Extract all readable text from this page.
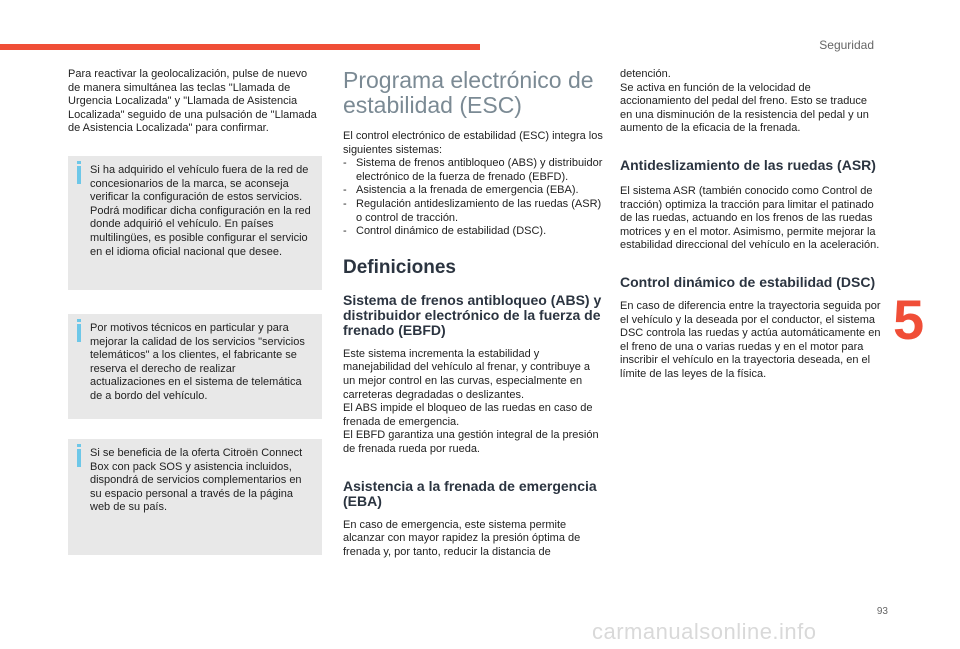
Seguridad

Para reactivar la geolocalización, pulse de nuevo de manera simultánea las teclas "Llamada de Urgencia Localizada" y "Llamada de Asistencia Localizada" seguido de una pulsación de "Llamada de Asistencia Localizada" para confirmar.

Si ha adquirido el vehículo fuera de la red de concesionarios de la marca, se aconseja verificar la configuración de estos servicios. Podrá modificar dicha configuración en la red donde adquirió el vehículo. En países multilingües, es posible configurar el servicio en el idioma oficial nacional que desee.

Por motivos técnicos en particular y para mejorar la calidad de los servicios "servicios telemáticos" a los clientes, el fabricante se reserva el derecho de realizar actualizaciones en el sistema de telemática de a bordo del vehículo.

Si se beneficia de la oferta Citroën Connect Box con pack SOS y asistencia incluidos, dispondrá de servicios complementarios en su espacio personal a través de la página web de su país.

Programa electrónico de estabilidad (ESC)

El control electrónico de estabilidad (ESC) integra los siguientes sistemas:

- Sistema de frenos antibloqueo (ABS) y distribuidor electrónico de la fuerza de frenado (EBFD).
- Asistencia a la frenada de emergencia (EBA).
- Regulación antideslizamiento de las ruedas (ASR) o control de tracción.
- Control dinámico de estabilidad (DSC).
Definiciones
Sistema de frenos antibloqueo (ABS) y distribuidor electrónico de la fuerza de frenado (EBFD)

Este sistema incrementa la estabilidad y manejabilidad del vehículo al frenar, y contribuye a un mejor control en las curvas, especialmente en carreteras degradadas o deslizantes.

El ABS impide el bloqueo de las ruedas en caso de frenada de emergencia.

El EBFD garantiza una gestión integral de la presión de frenada rueda por rueda.

Asistencia a la frenada de emergencia (EBA)

En caso de emergencia, este sistema permite alcanzar con mayor rapidez la presión óptima de frenada y, por tanto, reducir la distancia de

detención.

Se activa en función de la velocidad de accionamiento del pedal del freno. Esto se traduce en una disminución de la resistencia del pedal y un aumento de la eficacia de la frenada.

Antideslizamiento de las ruedas (ASR)

El sistema ASR (también conocido como Control de tracción) optimiza la tracción para limitar el patinado de las ruedas, actuando en los frenos de las ruedas motrices y en el motor. Asimismo, permite mejorar la estabilidad direccional del vehículo en la aceleración.

Control dinámico de estabilidad (DSC)

En caso de diferencia entre la trayectoria seguida por el vehículo y la deseada por el conductor, el sistema DSC controla las ruedas y actúa automáticamente en el freno de una o varias ruedas y en el motor para inscribir el vehículo en la trayectoria deseada, en el límite de las leyes de la física.

5
93
carmanualsonline.info
